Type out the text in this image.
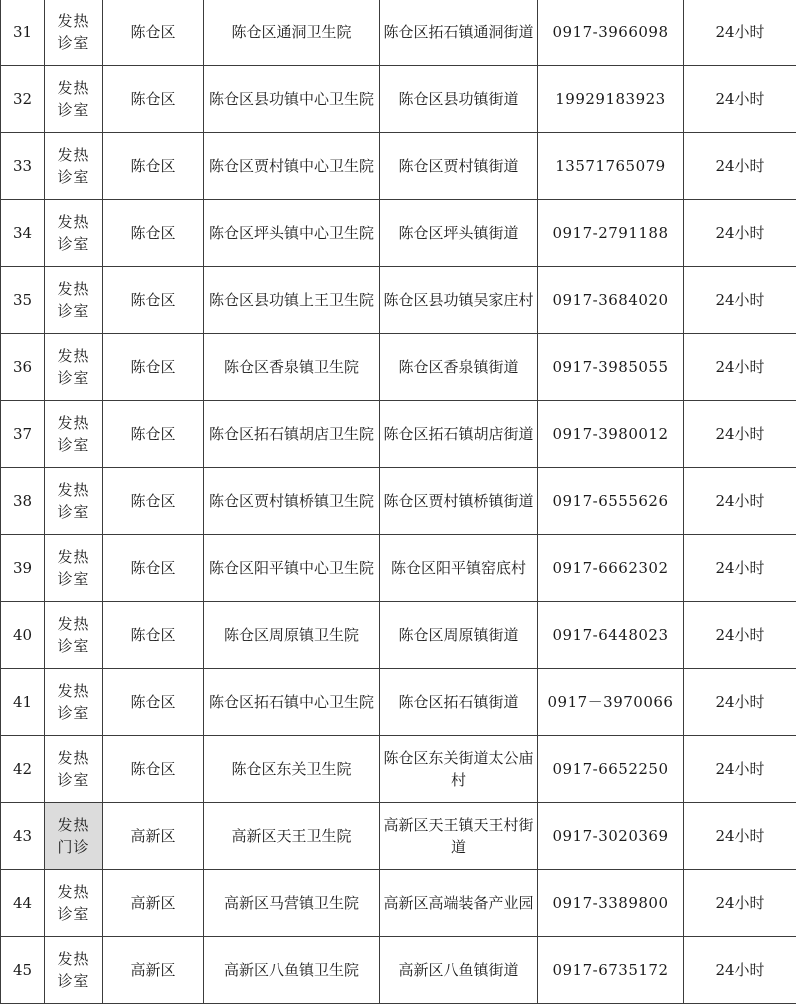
31	发热诊室	陈仓区	陈仓区通洞卫生院	陈仓区拓石镇通洞街道	0917-3966098	24小时
32	发热诊室	陈仓区	陈仓区县功镇中心卫生院	陈仓区县功镇街道	19929183923	24小时
33	发热诊室	陈仓区	陈仓区贾村镇中心卫生院	陈仓区贾村镇街道	13571765079	24小时
34	发热诊室	陈仓区	陈仓区坪头镇中心卫生院	陈仓区坪头镇街道	0917-2791188	24小时
35	发热诊室	陈仓区	陈仓区县功镇上王卫生院	陈仓区县功镇吴家庄村	0917-3684020	24小时
36	发热诊室	陈仓区	陈仓区香泉镇卫生院	陈仓区香泉镇街道	0917-3985055	24小时
37	发热诊室	陈仓区	陈仓区拓石镇胡店卫生院	陈仓区拓石镇胡店街道	0917-3980012	24小时
38	发热诊室	陈仓区	陈仓区贾村镇桥镇卫生院	陈仓区贾村镇桥镇街道	0917-6555626	24小时
39	发热诊室	陈仓区	陈仓区阳平镇中心卫生院	陈仓区阳平镇窑底村	0917-6662302	24小时
40	发热诊室	陈仓区	陈仓区周原镇卫生院	陈仓区周原镇街道	0917-6448023	24小时
41	发热诊室	陈仓区	陈仓区拓石镇中心卫生院	陈仓区拓石镇街道	0917－3970066	24小时
42	发热诊室	陈仓区	陈仓区东关卫生院	陈仓区东关街道太公庙村	0917-6652250	24小时
43	发热门诊	高新区	高新区天王卫生院	高新区天王镇天王村街道	0917-3020369	24小时
44	发热诊室	高新区	高新区马营镇卫生院	高新区高端装备产业园	0917-3389800	24小时
45	发热诊室	高新区	高新区八鱼镇卫生院	高新区八鱼镇街道	0917-6735172	24小时
